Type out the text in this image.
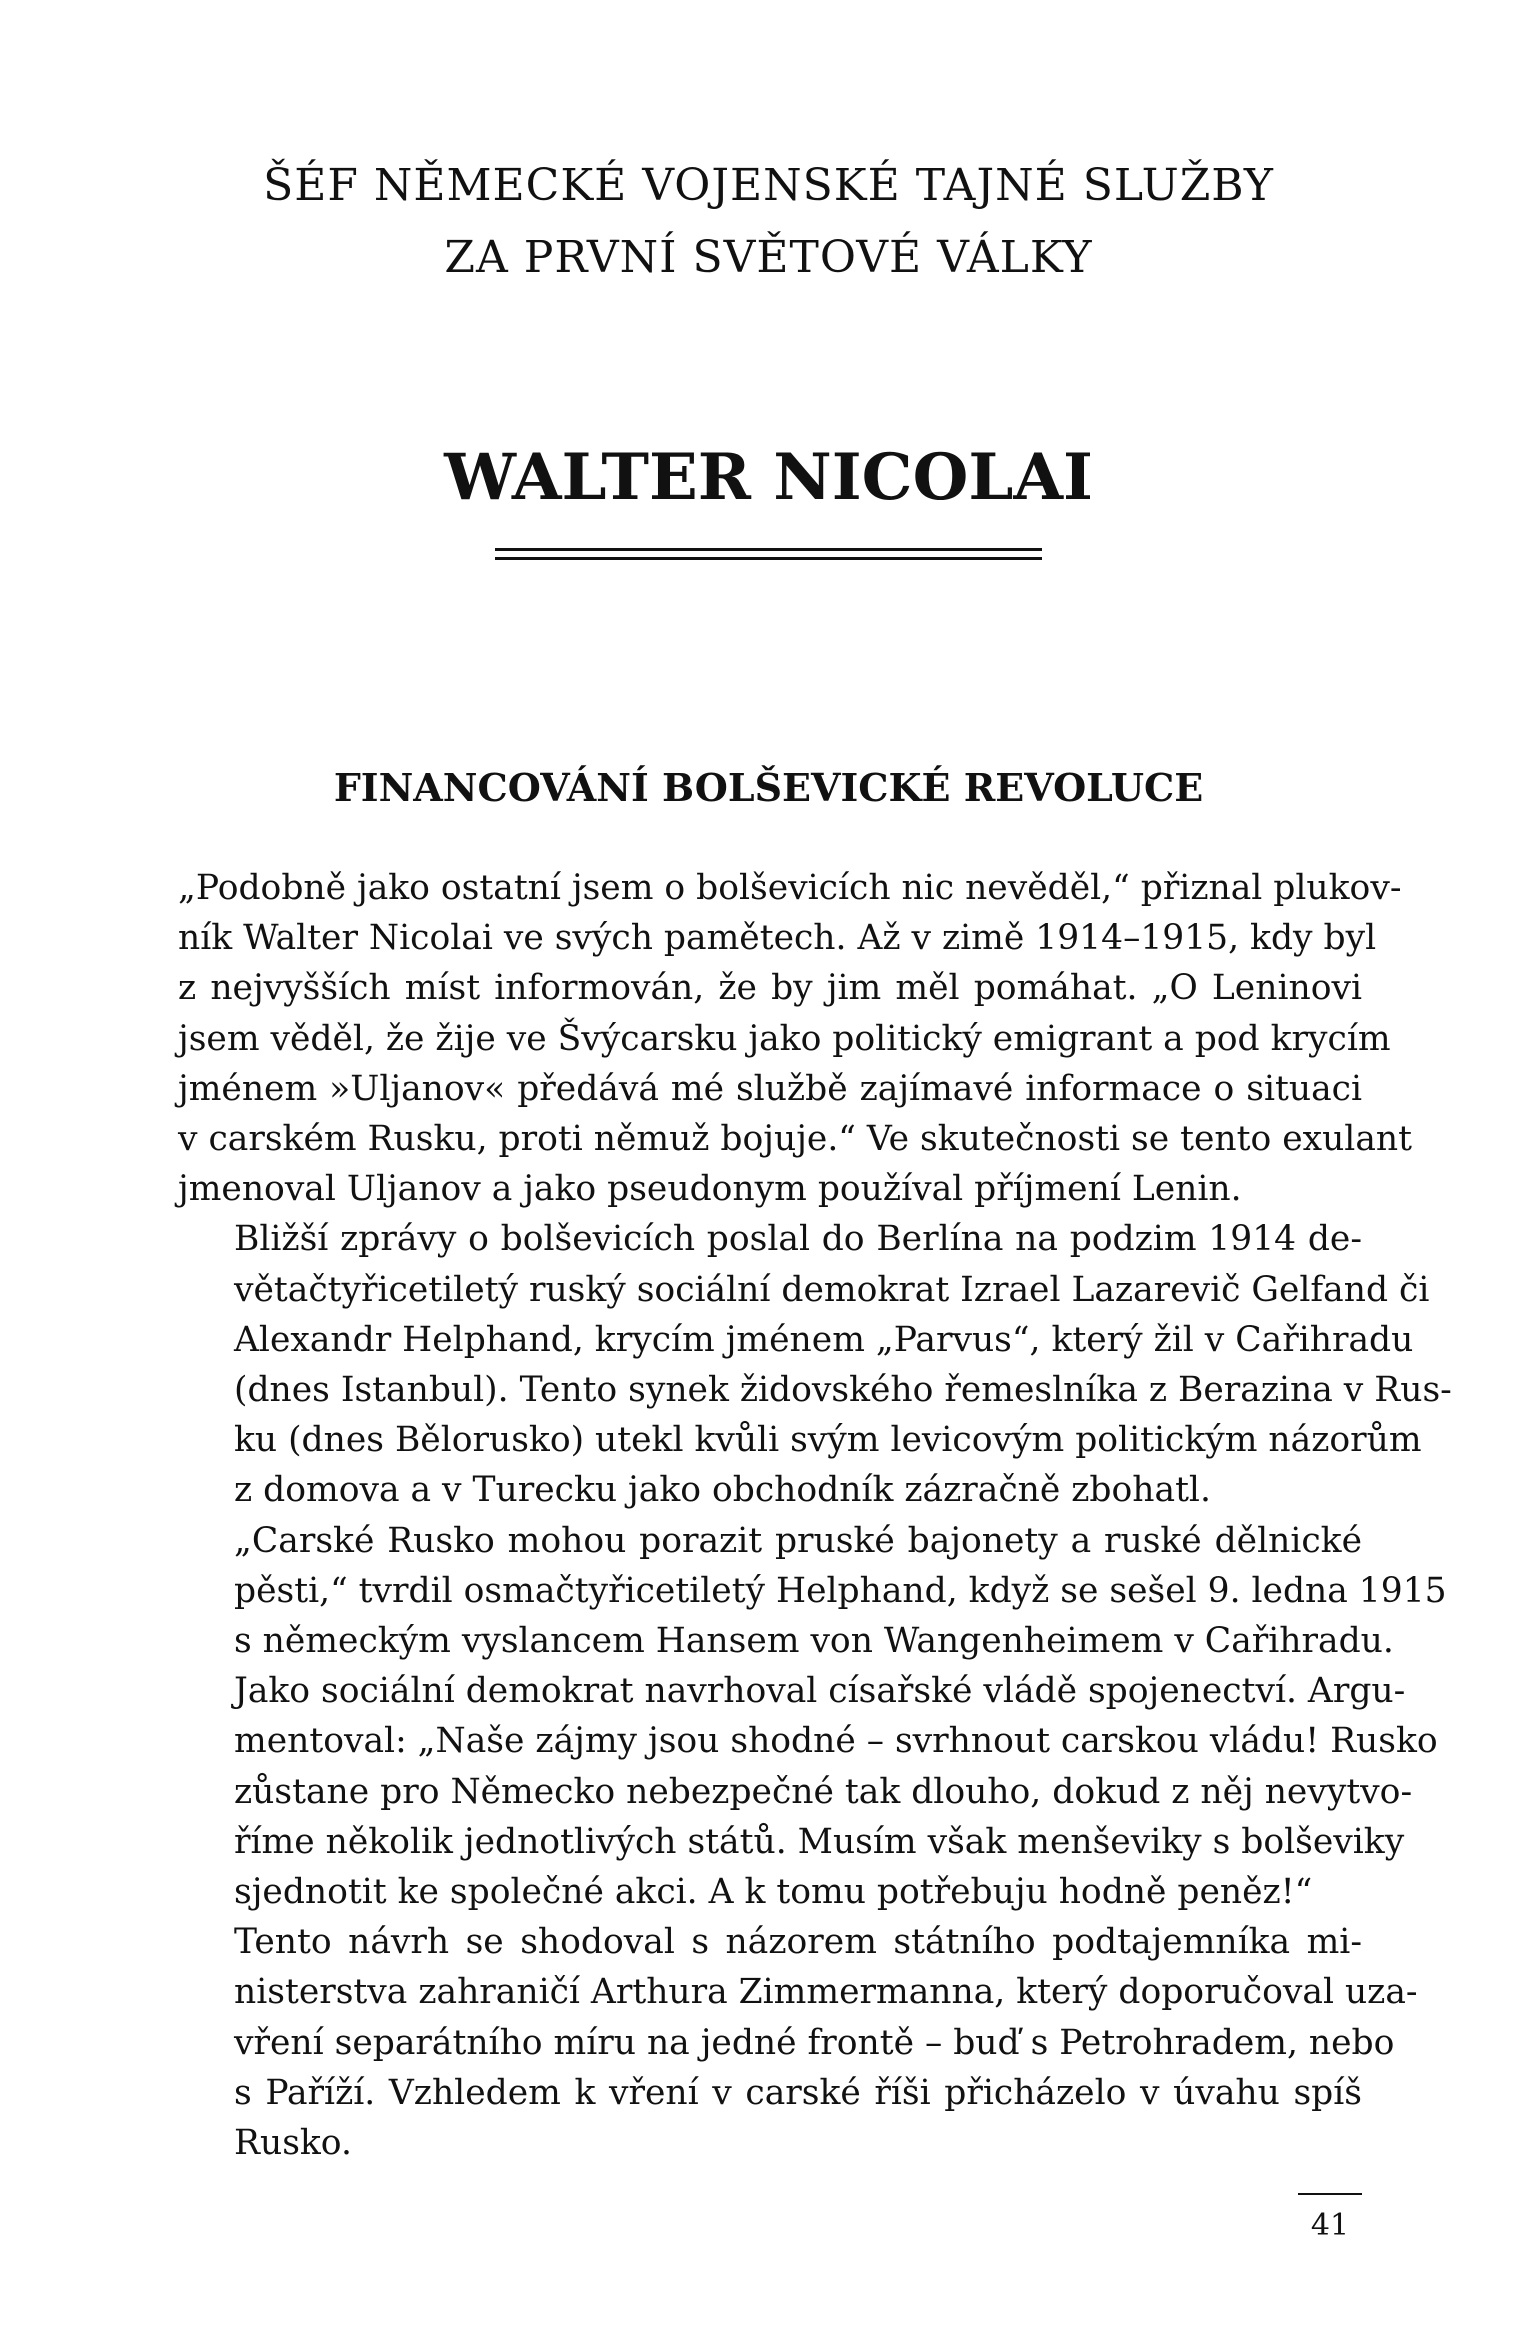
ŠÉF NĚMECKÉ VOJENSKÉ TAJNÉ SLUŽBY
ZA PRVNÍ SVĚTOVÉ VÁLKY
WALTER NICOLAI
FINANCOVÁNÍ BOLŠEVICKÉ REVOLUCE

„Podobně jako ostatní jsem o bolševicích nic nevěděl,“ přiznal plukov-
ník Walter Nicolai ve svých pamětech. Až v zimě 1914–1915, kdy byl
z nejvyšších míst informován, že by jim měl pomáhat. „O Leninovi
jsem věděl, že žije ve Švýcarsku jako politický emigrant a pod krycím
jménem »Uljanov« předává mé službě zajímavé informace o situaci
v carském Rusku, proti němuž bojuje.“ Ve skutečnosti se tento exulant
jmenoval Uljanov a jako pseudonym používal příjmení Lenin.

Bližší zprávy o bolševicích poslal do Berlína na podzim 1914 de-
větačtyřicetiletý ruský sociální demokrat Izrael Lazarevič Gelfand či
Alexandr Helphand, krycím jménem „Parvus“, který žil v Cařihradu
(dnes Istanbul). Tento synek židovského řemeslníka z Berazina v Rus-
ku (dnes Bělorusko) utekl kvůli svým levicovým politickým názorům
z domova a v Turecku jako obchodník zázračně zbohatl.

„Carské Rusko mohou porazit pruské bajonety a ruské dělnické
pěsti,“ tvrdil osmačtyřicetiletý Helphand, když se sešel 9. ledna 1915
s německým vyslancem Hansem von Wangenheimem v Cařihradu.
Jako sociální demokrat navrhoval císařské vládě spojenectví. Argu-
mentoval: „Naše zájmy jsou shodné – svrhnout carskou vládu! Rusko
zůstane pro Německo nebezpečné tak dlouho, dokud z něj nevytvo-
říme několik jednotlivých států. Musím však menševiky s bolševiky
sjednotit ke společné akci. A k tomu potřebuju hodně peněz!“

Tento návrh se shodoval s názorem státního podtajemníka mi-
nisterstva zahraničí Arthura Zimmermanna, který doporučoval uza-
vření separátního míru na jedné frontě – buď s Petrohradem, nebo
s Paříží. Vzhledem k vření v carské říši přicházelo v úvahu spíš
Rusko.

41
